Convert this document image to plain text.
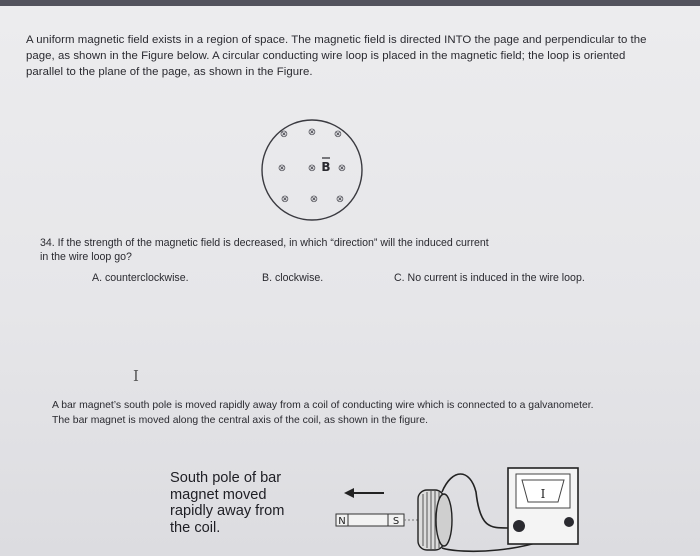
A uniform magnetic field exists in a region of space. The magnetic field is directed INTO the page and perpendicular to the
page, as shown in the Figure below. A circular conducting wire loop is placed in the magnetic field; the loop is oriented
parallel to the plane of the page, as shown in the Figure.
⊗ ⊗ ⊗
⊗ ⊗ ⊗
⊗ ⊗ ⊗
B
34. If the strength of the magnetic field is decreased, in which “direction” will the induced current
in the wire loop go?
A. counterclockwise.	B. clockwise.	C. No current is induced in the wire loop.
I
A bar magnet’s south pole is moved rapidly away from a coil of conducting wire which is connected to a galvanometer.
The bar magnet is moved along the central axis of the coil, as shown in the figure.
South pole of bar
magnet moved
rapidly away from
the coil.	N	S
I
